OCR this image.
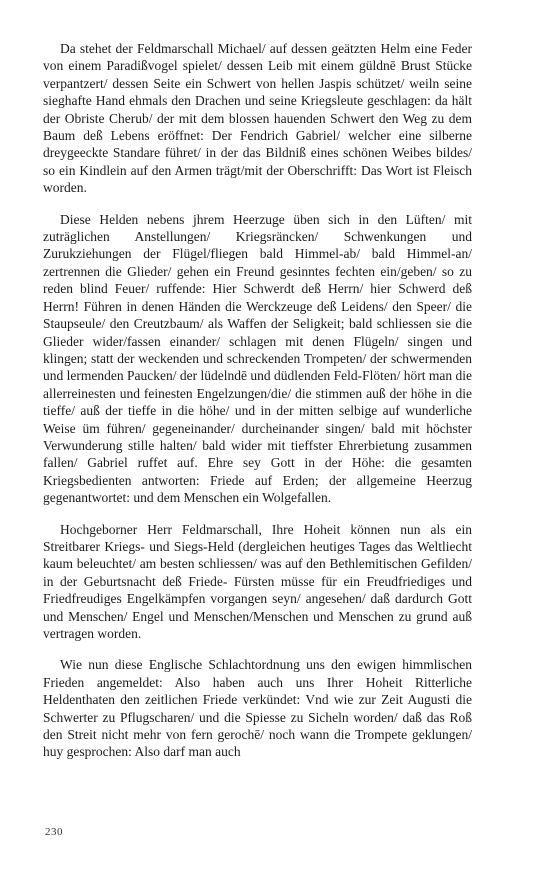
Da stehet der Feldmarschall Michael/ auf dessen geätzten Helm eine Feder von einem Paradißvogel spielet/ dessen Leib mit einem güldnē Brust Stücke verpantzert/ dessen Seite ein Schwert von hellen Jaspis schützet/ weiln seine sieghafte Hand ehmals den Drachen und seine Kriegsleute geschlagen: da hält der Obriste Cherub/ der mit dem blossen hauenden Schwert den Weg zu dem Baum deß Lebens eröffnet: Der Fendrich Gabriel/ welcher eine silberne dreygeeckte Standare führet/ in der das Bildniß eines schönen Weibes bildes/ so ein Kindlein auf den Armen trägt/mit der Oberschrifft: Das Wort ist Fleisch worden.

Diese Helden nebens jhrem Heerzuge üben sich in den Lüften/ mit zuträglichen Anstellungen/ Kriegsräncken/ Schwenkungen und Zurukziehungen der Flügel/fliegen bald Himmel-ab/ bald Himmel-an/ zertrennen die Glieder/ gehen ein Freund gesinntes fechten ein/geben/ so zu reden blind Feuer/ ruffende: Hier Schwerdt deß Herrn/ hier Schwerd deß Herrn! Führen in denen Händen die Werckzeuge deß Leidens/ den Speer/ die Staupseule/ den Creutzbaum/ als Waffen der Seligkeit; bald schliessen sie die Glieder wider/fassen einander/ schlagen mit denen Flügeln/ singen und klingen; statt der weckenden und schreckenden Trompeten/ der schwermenden und lermenden Paucken/ der lüdelndē und düdlenden Feld-Flöten/ hört man die allerreinesten und feinesten Engelzungen/die/ die stimmen auß der höhe in die tieffe/ auß der tieffe in die höhe/ und in der mitten selbige auf wunderliche Weise üm führen/ gegeneinander/ durcheinander singen/ bald mit höchster Verwunderung stille halten/ bald wider mit tieffster Ehrerbietung zusammen fallen/ Gabriel ruffet auf. Ehre sey Gott in der Höhe: die gesamten Kriegsbedienten antworten: Friede auf Erden; der allgemeine Heerzug gegenantwortet: und dem Menschen ein Wolgefallen.

Hochgeborner Herr Feldmarschall, Ihre Hoheit können nun als ein Streitbarer Kriegs- und Siegs-Held (dergleichen heutiges Tages das Weltliecht kaum beleuchtet/ am besten schliessen/ was auf den Bethlemitischen Gefilden/ in der Geburtsnacht deß Friede- Fürsten müsse für ein Freudfriediges und Friedfreudiges Engelkämpfen vorgangen seyn/ angesehen/ daß dardurch Gott und Menschen/ Engel und Menschen/Menschen und Menschen zu grund auß vertragen worden.

Wie nun diese Englische Schlachtordnung uns den ewigen himmlischen Frieden angemeldet: Also haben auch uns Ihrer Hoheit Ritterliche Heldenthaten den zeitlichen Friede verkündet: Vnd wie zur Zeit Augusti die Schwerter zu Pflugscharen/ und die Spiesse zu Sicheln worden/ daß das Roß den Streit nicht mehr von fern gerochē/ noch wann die Trompete geklungen/ huy gesprochen: Also darf man auch

230
